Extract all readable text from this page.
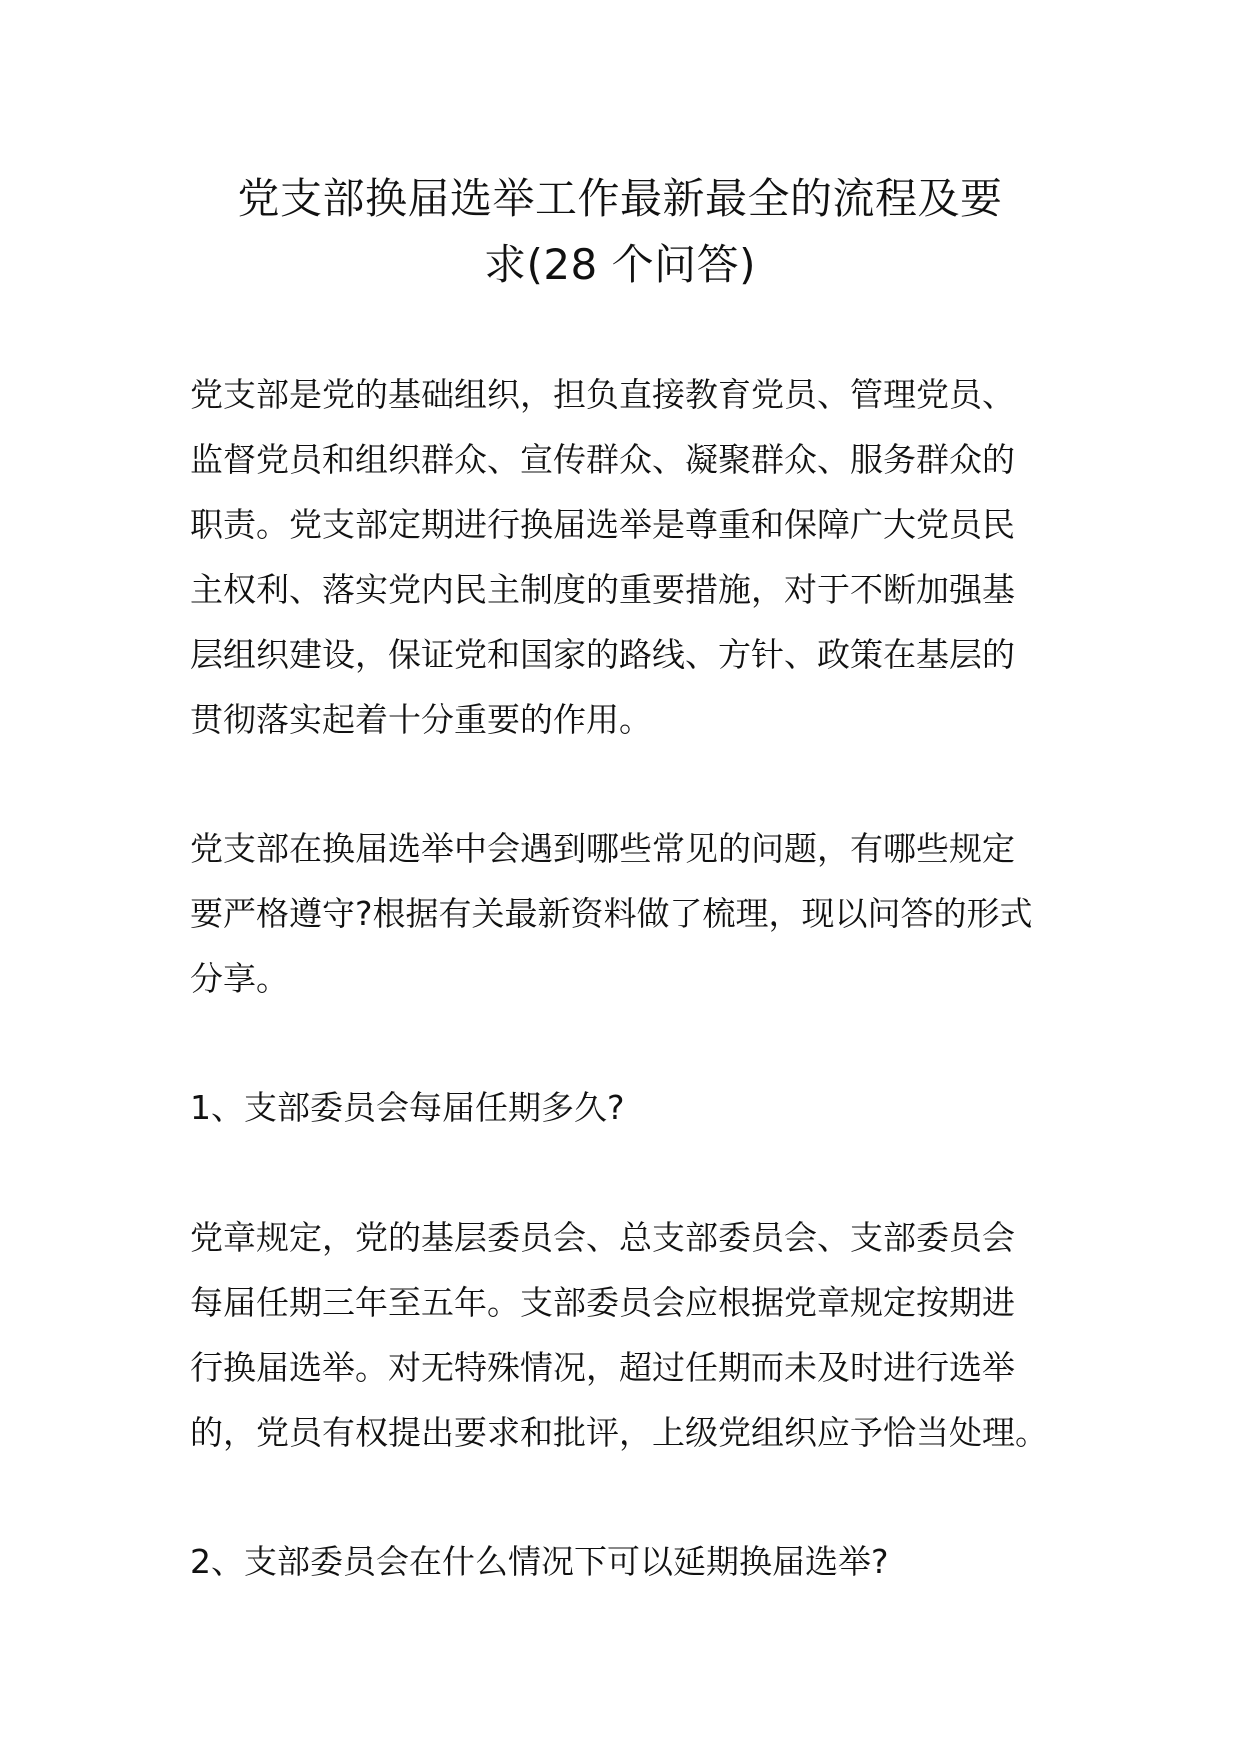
党支部换届选举工作最新最全的流程及要
求(28 个问答)

党支部是党的基础组织，担负直接教育党员、管理党员、
监督党员和组织群众、宣传群众、凝聚群众、服务群众的
职责。党支部定期进行换届选举是尊重和保障广大党员民
主权利、落实党内民主制度的重要措施，对于不断加强基
层组织建设，保证党和国家的路线、方针、政策在基层的
贯彻落实起着十分重要的作用。

党支部在换届选举中会遇到哪些常见的问题，有哪些规定
要严格遵守?根据有关最新资料做了梳理，现以问答的形式
分享。

1、支部委员会每届任期多久?

党章规定，党的基层委员会、总支部委员会、支部委员会
每届任期三年至五年。支部委员会应根据党章规定按期进
行换届选举。对无特殊情况，超过任期而未及时进行选举
的，党员有权提出要求和批评，上级党组织应予恰当处理。

2、支部委员会在什么情况下可以延期换届选举?
